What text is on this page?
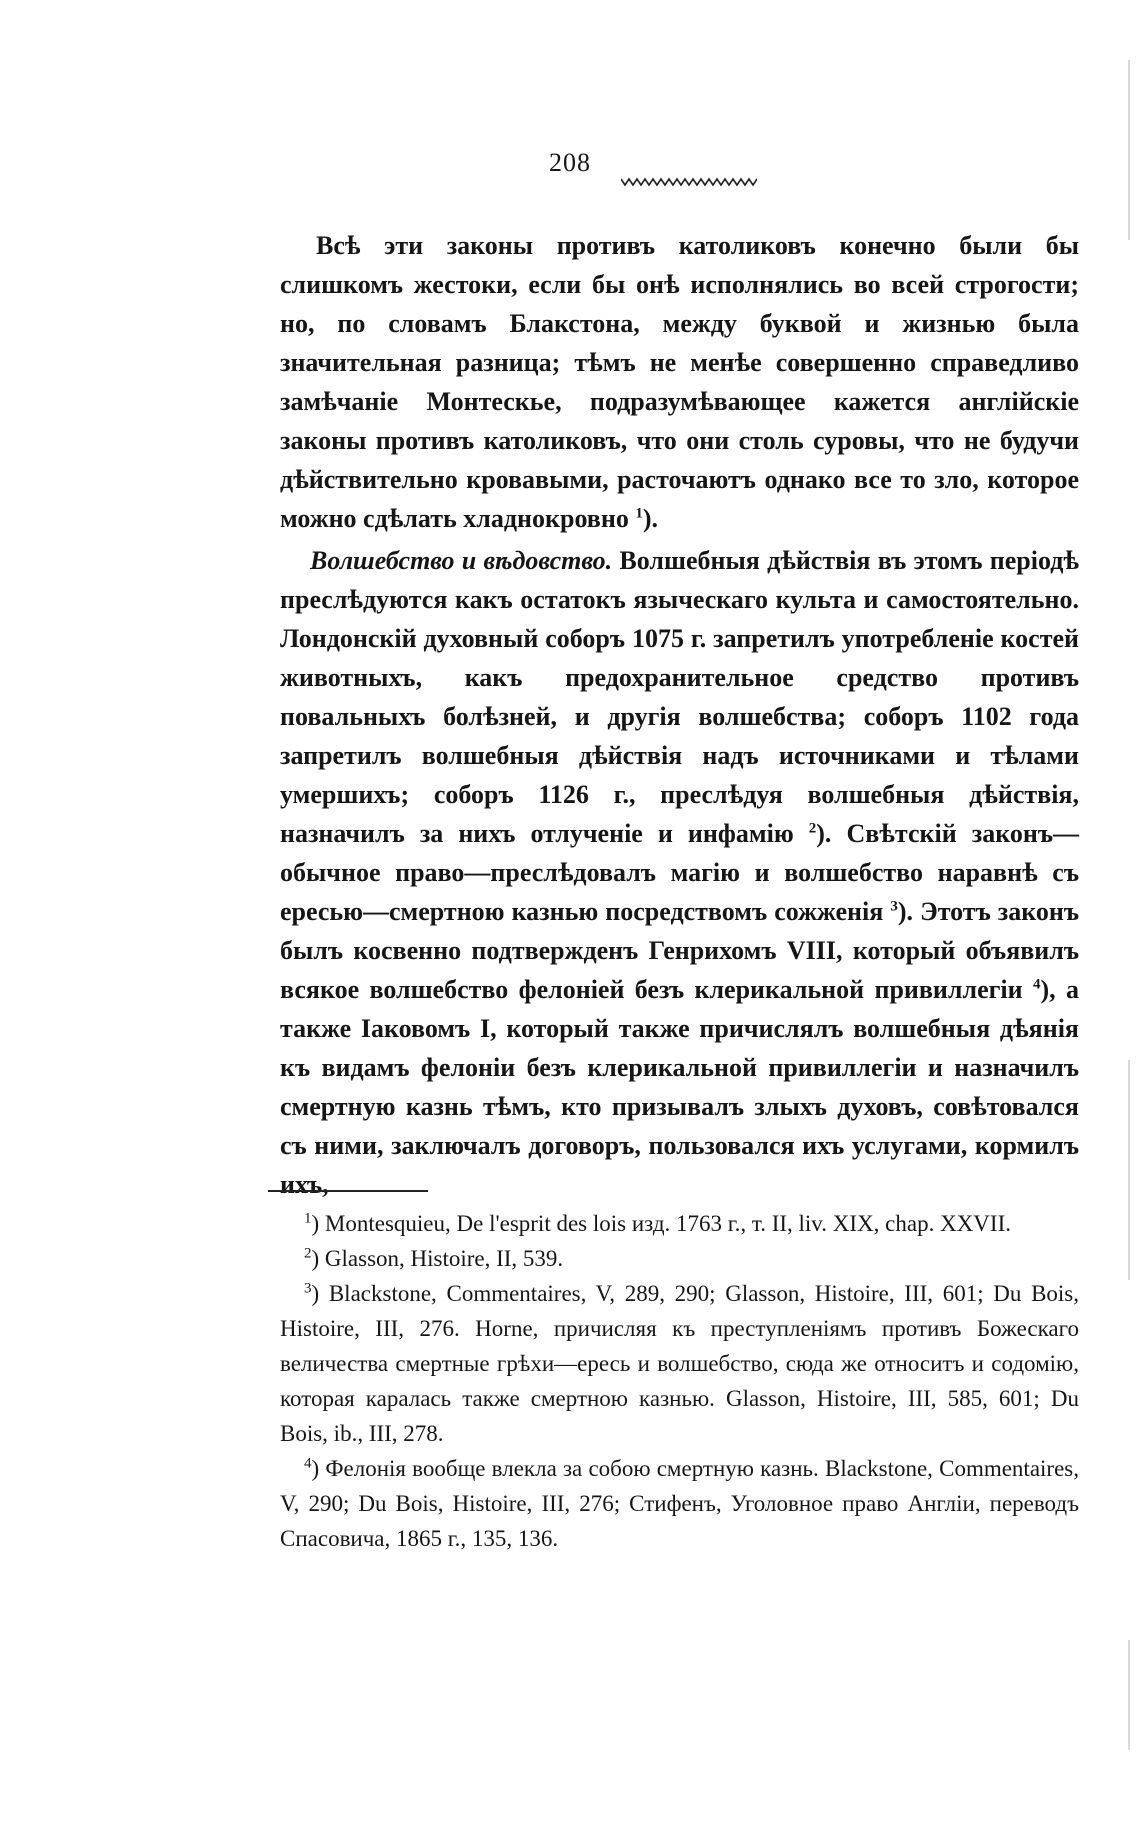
208

Всѣ эти законы противъ католиковъ конечно были бы слишкомъ жестоки, если бы онѣ исполнялись во всей строгости; но, по словамъ Блакстона, между буквой и жизнью была значительная разница; тѣмъ не менѣе совершенно справедливо замѣчаніе Монтескье, подразумѣвающее кажется англійскіе законы противъ католиковъ, что они столь суровы, что не будучи дѣйствительно кровавыми, расточаютъ однако все то зло, которое можно сдѣлать хладнокровно $^1$).

Волшебство и вѣдовство. Волшебныя дѣйствія въ этомъ періодѣ преслѣдуются какъ остатокъ языческаго культа и самостоятельно. Лондонскій духовный соборъ 1075 г. запретилъ употребленіе костей животныхъ, какъ предохранительное средство противъ повальныхъ болѣзней, и другія волшебства; соборъ 1102 года запретилъ волшебныя дѣйствія надъ источниками и тѣлами умершихъ; соборъ 1126 г., преслѣдуя волшебныя дѣйствія, назначилъ за нихъ отлученіе и инфамію $^2$). Свѣтскій законъ—обычное право—преслѣдовалъ магію и волшебство наравнѣ съ ересью—смертною казнью посредствомъ сожженія $^3$). Этотъ законъ былъ косвенно подтвержденъ Генрихомъ VIII, который объявилъ всякое волшебство фелоніей безъ клерикальной привиллегіи $^4$), а также Іаковомъ I, который также причислялъ волшебныя дѣянія къ видамъ фелоніи безъ клерикальной привиллегіи и назначилъ смертную казнь тѣмъ, кто призывалъ злыхъ духовъ, совѣтовался съ ними, заключалъ договоръ, пользовался ихъ услугами, кормилъ ихъ,

$^1$) Montesquieu, De l'esprit des lois изд. 1763 г., т. II, liv. XIX, chap. XXVII.

$^2$) Glasson, Histoire, II, 539.

$^3$) Blackstone, Commentaires, V, 289, 290; Glasson, Histoire, III, 601; Du Bois, Histoire, III, 276. Horne, причисляя къ преступленіямъ противъ Божескаго величества смертные грѣхи—ересь и волшебство, сюда же относитъ и содомію, которая каралась также смертною казнью. Glasson, Histoire, III, 585, 601; Du Bois, ib., III, 278.

$^4$) Фелонія вообще влекла за собою смертную казнь. Blackstone, Commentaires, V, 290; Du Bois, Histoire, III, 276; Стифенъ, Уголовное право Англіи, переводъ Спасовича, 1865 г., 135, 136.
